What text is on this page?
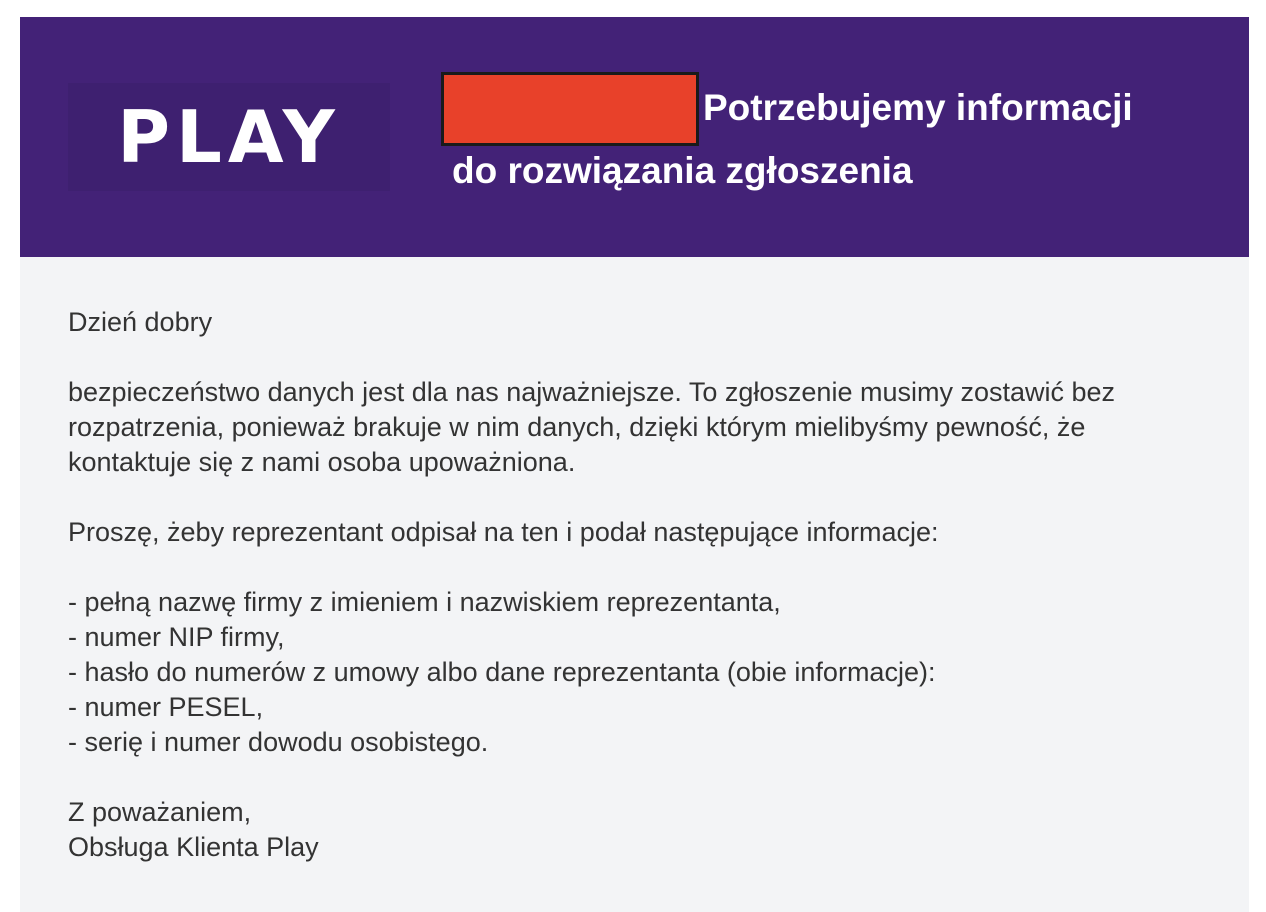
PLAY	Potrzebujemy informacji
do rozwiązania zgłoszenia

Dzień dobry

bezpieczeństwo danych jest dla nas najważniejsze. To zgłoszenie musimy zostawić bez
rozpatrzenia, ponieważ brakuje w nim danych, dzięki którym mielibyśmy pewność, że
kontaktuje się z nami osoba upoważniona.

Proszę, żeby reprezentant odpisał na ten i podał następujące informacje:

- pełną nazwę firmy z imieniem i nazwiskiem reprezentanta,
- numer NIP firmy,
- hasło do numerów z umowy albo dane reprezentanta (obie informacje):
- numer PESEL,
- serię i numer dowodu osobistego.

Z poważaniem,
Obsługa Klienta Play
